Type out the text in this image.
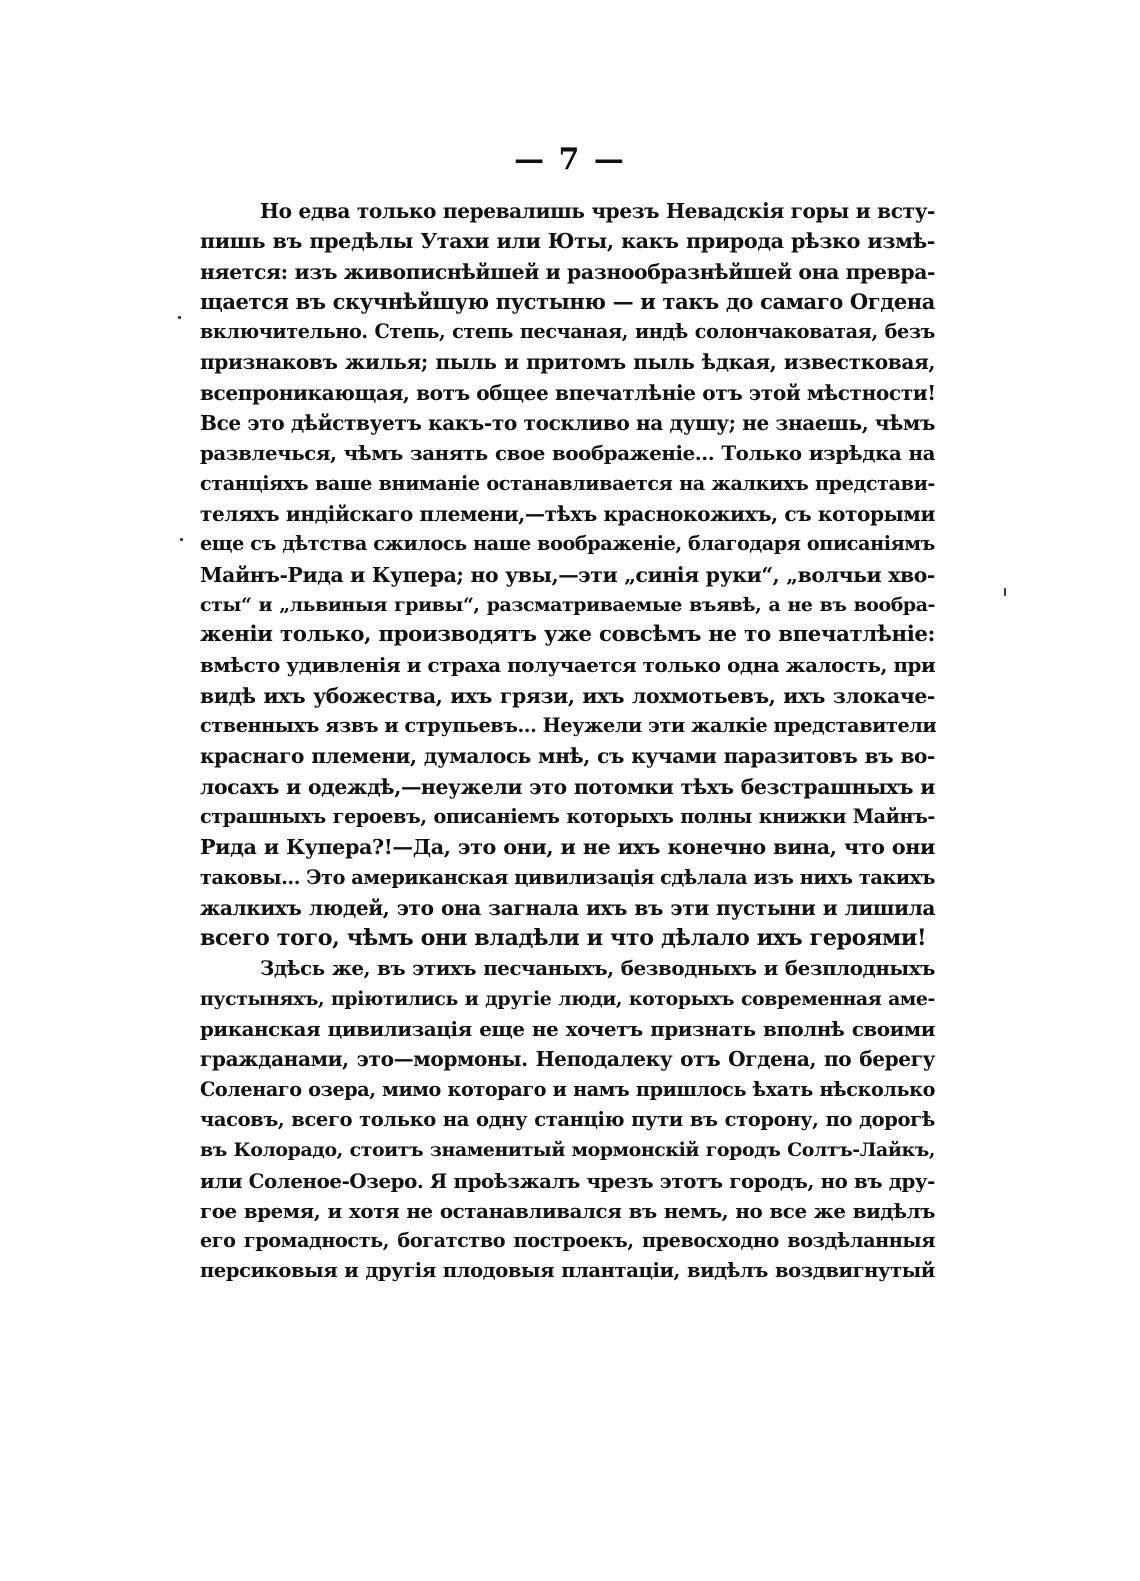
— 7 —
Но едва только перевалишь чрезъ Невадскія горы и всту-
пишь въ предѣлы Утахи или Юты, какъ природа рѣзко измѣ-
няется: изъ живописнѣйшей и разнообразнѣйшей она превра-
щается въ скучнѣйшую пустыню — и такъ до самаго Огдена
включительно. Степь, степь песчаная, индѣ солончаковатая, безъ
признаковъ жилья; пыль и притомъ пыль ѣдкая, известковая,
всепроникающая, вотъ общее впечатлѣніе отъ этой мѣстности!
Все это дѣйствуетъ какъ-то тоскливо на душу; не знаешь, чѣмъ
развлечься, чѣмъ занять свое воображеніе... Только изрѣдка на
станціяхъ ваше вниманіе останавливается на жалкихъ представи-
теляхъ индійскаго племени,—тѣхъ краснокожихъ, съ которыми
еще съ дѣтства сжилось наше воображеніе, благодаря описаніямъ
Майнъ-Рида и Купера; но увы,—эти „синія руки“, „волчьи хво-
сты“ и „львиныя гривы“, разсматриваемые въявѣ, а не въ вообра-
женіи только, производятъ уже совсѣмъ не то впечатлѣніе:
вмѣсто удивленія и страха получается только одна жалость, при
видѣ ихъ убожества, ихъ грязи, ихъ лохмотьевъ, ихъ злокаче-
ственныхъ язвъ и струпьевъ... Неужели эти жалкіе представители
краснаго племени, думалось мнѣ, съ кучами паразитовъ въ во-
лосахъ и одеждѣ,—неужели это потомки тѣхъ безстрашныхъ и
страшныхъ героевъ, описаніемъ которыхъ полны книжки Майнъ-
Рида и Купера?!—Да, это они, и не ихъ конечно вина, что они
таковы... Это американская цивилизація сдѣлала изъ нихъ такихъ
жалкихъ людей, это она загнала ихъ въ эти пустыни и лишила
всего того, чѣмъ они владѣли и что дѣлало ихъ героями!
Здѣсь же, въ этихъ песчаныхъ, безводныхъ и безплодныхъ
пустыняхъ, пріютились и другіе люди, которыхъ современная аме-
риканская цивилизація еще не хочетъ признать вполнѣ своими
гражданами, это—мормоны. Неподалеку отъ Огдена, по берегу
Соленаго озера, мимо котораго и намъ пришлось ѣхать нѣсколько
часовъ, всего только на одну станцію пути въ сторону, по дорогѣ
въ Колорадо, стоитъ знаменитый мормонскій городъ Солтъ-Лайкъ,
или Соленое-Озеро. Я проѣзжалъ чрезъ этотъ городъ, но въ дру-
гое время, и хотя не останавливался въ немъ, но все же видѣлъ
его громадность, богатство построекъ, превосходно воздѣланныя
персиковыя и другія плодовыя плантаціи, видѣлъ воздвигнутый
